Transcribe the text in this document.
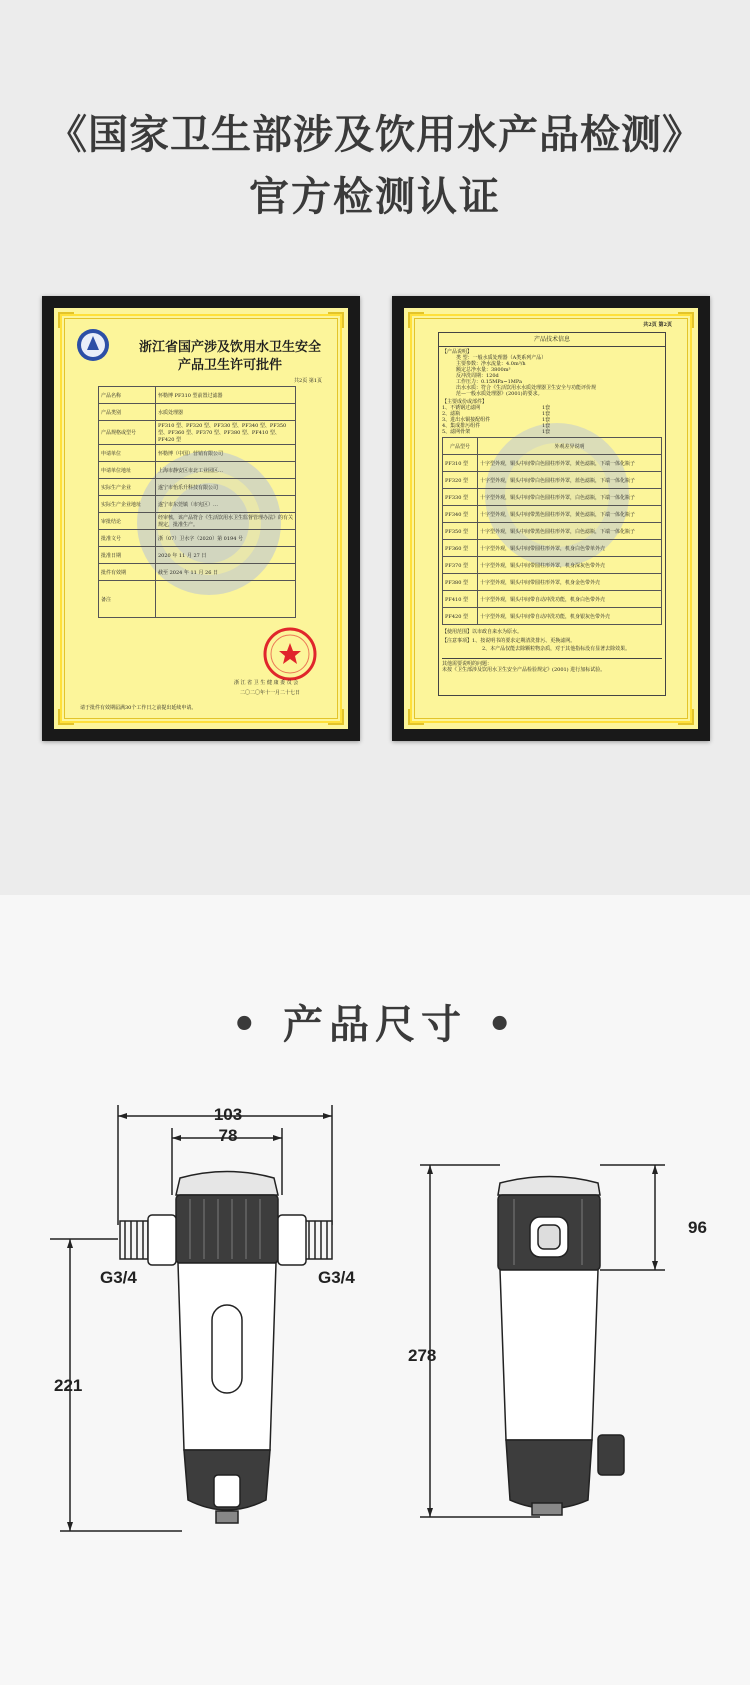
《国家卫生部涉及饮用水产品检测》
官方检测认证
浙江省国产涉及饮用水卫生安全
产品卫生许可批件
共2页 第1页
产品名称	怀勒博 PF310 型前置过滤器
产品类别	水质处理器
产品规格或型号	PF310 型、PF320 型、PF330 型、PF340 型、PF350 型、PF360 型、PF370 型、PF380 型、PF410 型、PF420 型
申请单位	怀勒博（中国）营销有限公司
申请单位地址	上海市静安区市北工业园区…
实际生产企业	遂宁市怡乐升科技有限公司
实际生产企业地址	遂宁市东莞镇（市宪区）…
审批结论	经审核，该产品符合《生活饮用水卫生监督管理办法》的有关规定，批准生产。
批准文号	浙（07）卫水字（2020）第 0194 号
批准日期	2020 年 11 月 27 日
批件有效期	截至 2024 年 11 月 26 日
备注	
浙 江 省 卫 生 健 康 委 员 会
二〇二〇年十一月二十七日
请于批件有效期届满30个工作日之前提出延续申请。
共2页 第2页
产品技术信息
【产品说明】
类 型：一般水质处理器（A类系列产品）
主要参数：净水流量：4.0m³/h
额定总净水量：3800m³
反冲洗周期：120d
工作压力：0.15MPa~1MPa
出水水质：符合《生活饮用水水质处理器卫生安全与功能评价规
范—一般水质处理器》(2001)的要求。
【主要成份或部件】
1、不锈钢过滤网	1套
2、滤瓶	1套
3、进出水铜接配组件	1套
4、集成排污组件	1套
5、滤网骨架	1套
产品型号	外观差异说明
PF310 型	十字型外观，铜头中间带白色圆柱形外罩，黄色滤瓶，下端一体化瓶子
PF320 型	十字型外观，铜头中间带白色圆柱形外罩，蓝色滤瓶，下端一体化瓶子
PF330 型	十字型外观，铜头中间带白色圆柱形外罩，白色滤瓶，下端一体化瓶子
PF340 型	十字型外观，铜头中间带黑色圆柱形外罩，黄色滤瓶，下端一体化瓶子
PF350 型	十字型外观，铜头中间带黑色圆柱形外罩，白色滤瓶，下端一体化瓶子
PF360 型	十字型外观，铜头中间带圆柱形外罩，机身白色带单外壳
PF370 型	十字型外观，铜头中间带圆柱形外罩，机身深灰色带外壳
PF380 型	十字型外观，铜头中间带圆柱形外罩，机身金色带外壳
PF410 型	十字型外观，铜头中间带自动冲洗功能，机身白色带外壳
PF420 型	十字型外观，铜头中间带自动冲洗功能，机身银灰色带外壳
【使用范围】以市政自来水为原水。
【注意事项】1、按说明书的要求定期清洗排污、更换滤网。
2、本产品仅能去除颗粒物杂质，对于其他指标没有显著去除效果。
其他需要说明的问题：
未按《卫生部涉及饮用水卫生安全产品检验规定》(2001) 进行加标试验。
• 产品尺寸 •
103
78
G3/4	G3/4
221
278
96
